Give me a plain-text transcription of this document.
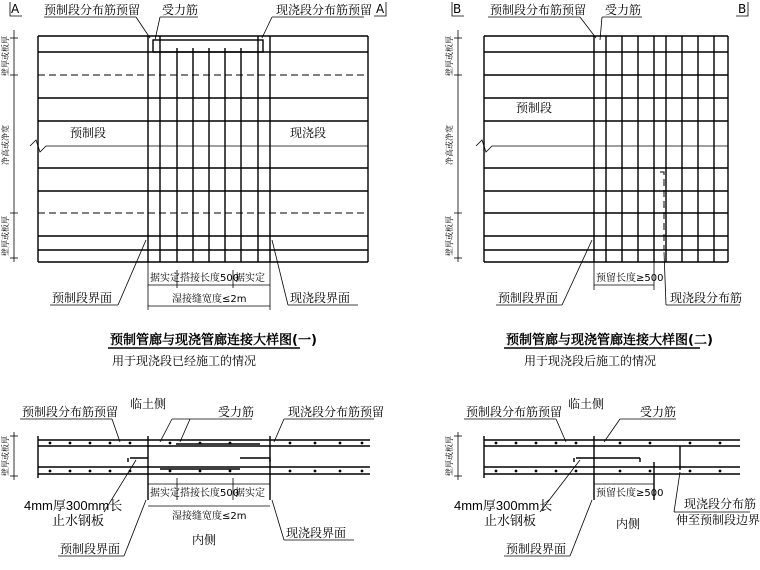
A	A
壁厚或板厚
净高或净宽
壁厚或板厚
预制段分布筋预留 受力筋	现浇段分布筋预留
预制段	现浇段
据实定 搭接长度500
据实定
湿接缝宽度≤2m
预制段界面	现浇段界面
预制管廊与现浇管廊连接大样图(一)
用于现浇段已经施工的情况
B	B
壁厚或板厚
净高或净宽
壁厚或板厚
预制段分布筋预留 受力筋
预制段
预留长度≥500
预制段界面	现浇段分布筋
预制管廊与现浇管廊连接大样图(二)
用于现浇段后施工的情况
壁厚或板厚
预制段分布筋预留
临土侧
受力筋	现浇段分布筋预留
据实定 搭接长度500
据实定
湿接缝宽度≤2m
4mm厚300mm长
止水钢板
内侧
预制段界面
现浇段界面
壁厚或板厚
预制段分布筋预留
临土侧
受力筋
预留长度≥500
4mm厚300mm长
止水钢板	内侧
预制段界面
现浇段分布筋
伸至预制段边界
